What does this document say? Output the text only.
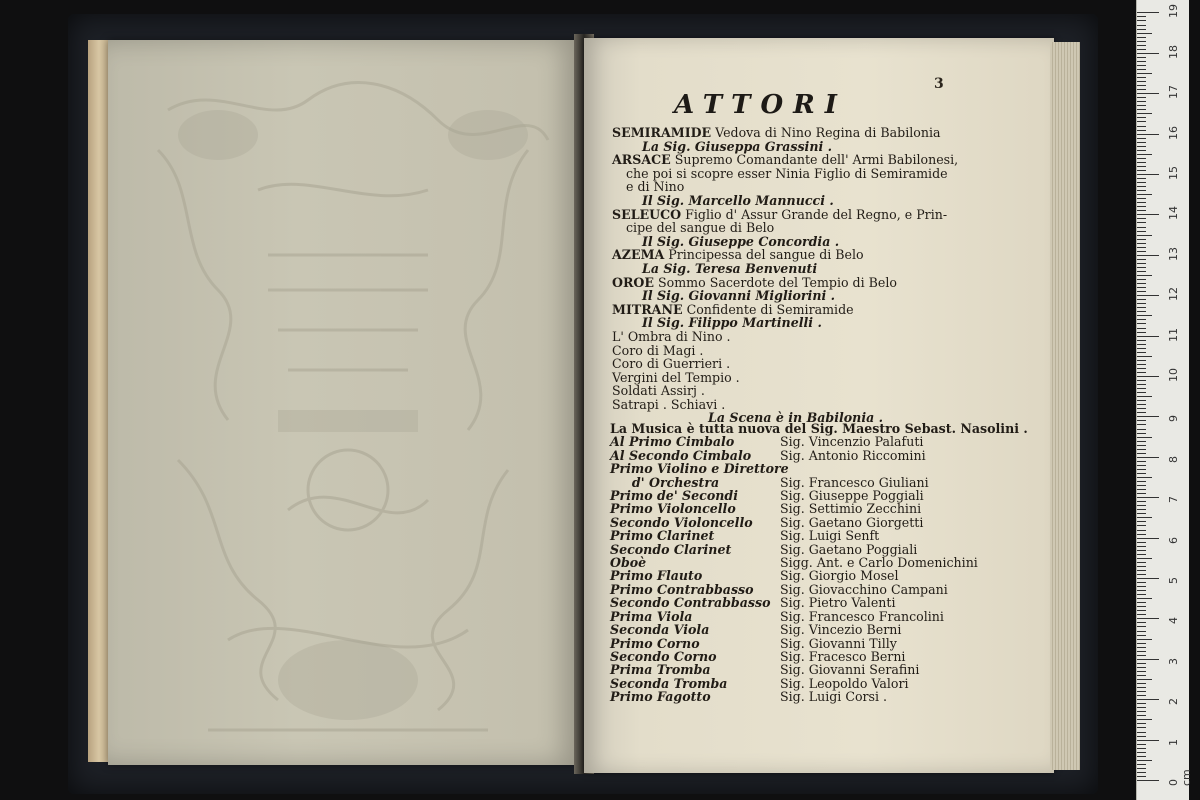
3
ATTORI
SEMIRAMIDE Vedova di Nino Regina di Babilonia
La Sig. Giuseppa Grassini .
ARSACE Supremo Comandante dell' Armi Babilonesi,
che poi si scopre esser Ninia Figlio di Semiramide
e di Nino
Il Sig. Marcello Mannucci .
SELEUCO Figlio d' Assur Grande del Regno, e Prin-
cipe del sangue di Belo
Il Sig. Giuseppe Concordia .
AZEMA Principessa del sangue di Belo
La Sig. Teresa Benvenuti
OROE Sommo Sacerdote del Tempio di Belo
Il Sig. Giovanni Migliorini .
MITRANE Confidente di Semiramide
Il Sig. Filippo Martinelli .
L' Ombra di Nino .
Coro di Magi .
Coro di Guerrieri .
Vergini del Tempio .
Soldati Assirj .
Satrapi . Schiavi .
La Scena è in Babilonia .
La Musica è tutta nuova del Sig. Maestro Sebast. Nasolini .
Al Primo Cimbalo	Sig. Vincenzio Palafuti
Al Secondo Cimbalo	Sig. Antonio Riccomini
Primo Violino e Direttore
d' Orchestra	Sig. Francesco Giuliani
Primo de' Secondi	Sig. Giuseppe Poggiali
Primo Violoncello	Sig. Settimio Zecchini
Secondo Violoncello	Sig. Gaetano Giorgetti
Primo Clarinet	Sig. Luigi Senft
Secondo Clarinet	Sig. Gaetano Poggiali
Oboè	Sigg. Ant. e Carlo Domenichini
Primo Flauto	Sig. Giorgio Mosel
Primo Contrabbasso	Sig. Giovacchino Campani
Secondo Contrabbasso Sig. Pietro Valenti
Prima Viola	Sig. Francesco Francolini
Seconda Viola	Sig. Vincezio Berni
Primo Corno	Sig. Giovanni Tilly
Secondo Corno	Sig. Fracesco Berni
Prima Tromba	Sig. Giovanni Serafini
Seconda Tromba	Sig. Leopoldo Valori
Primo Fagotto	Sig. Luigi Corsi .
0 cm
1
2
3
4
5
6
7
8
9
10
11
12
13
14
15
16
17
18
19
